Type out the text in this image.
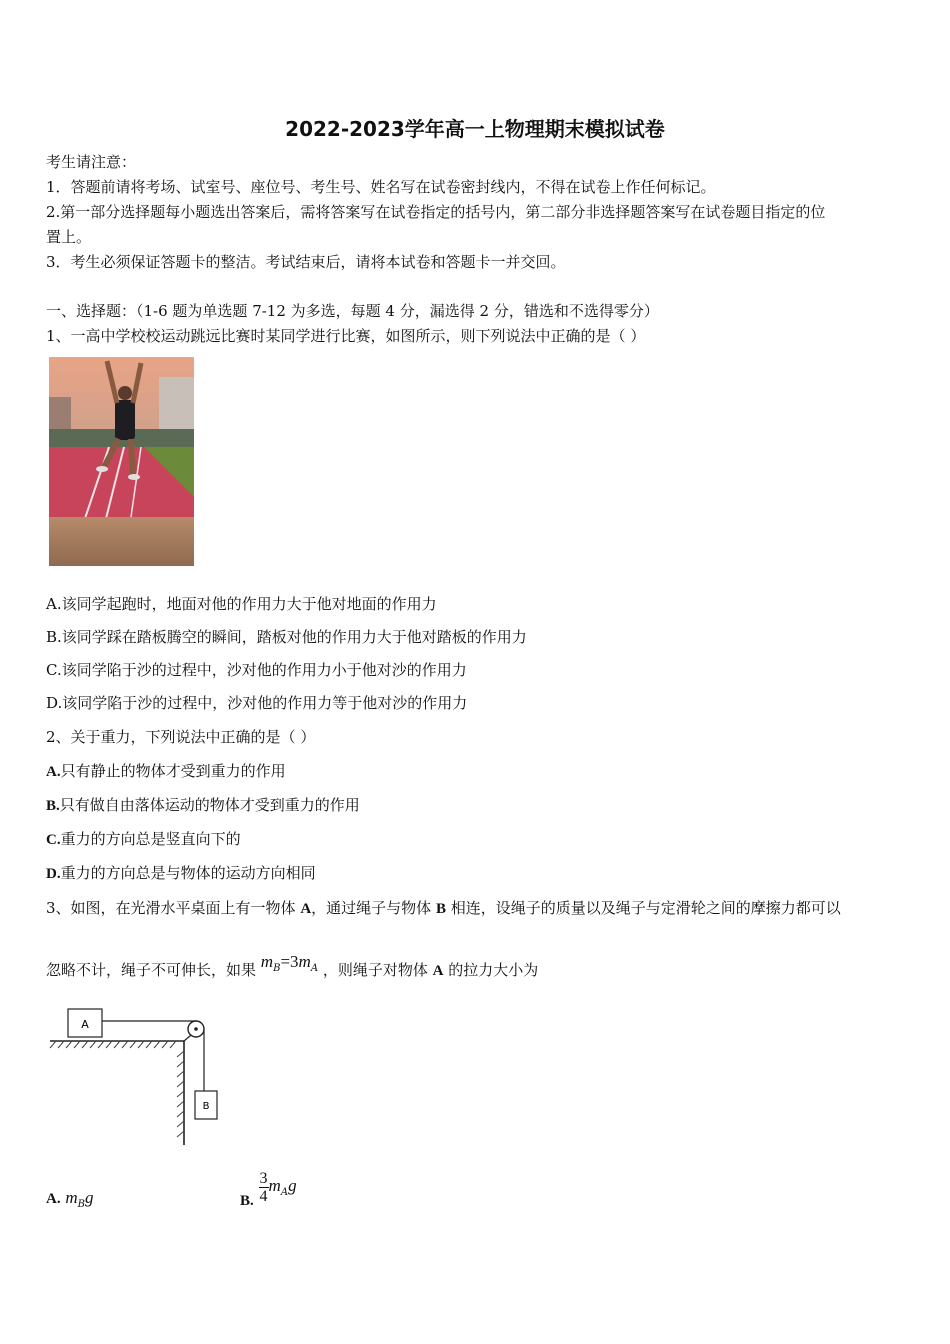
2022-2023学年高一上物理期末模拟试卷
考生请注意：
1．答题前请将考场、试室号、座位号、考生号、姓名写在试卷密封线内，不得在试卷上作任何标记。
2.第一部分选择题每小题选出答案后，需将答案写在试卷指定的括号内，第二部分非选择题答案写在试卷题目指定的位
置上。
3．考生必须保证答题卡的整洁。考试结束后，请将本试卷和答题卡一并交回。
一、选择题：（1-6 题为单选题 7-12 为多选，每题 4 分，漏选得 2 分，错选和不选得零分）
1、一高中学校校运动跳远比赛时某同学进行比赛，如图所示，则下列说法中正确的是（ ）
A.该同学起跑时，地面对他的作用力大于他对地面的作用力
B.该同学踩在踏板腾空的瞬间，踏板对他的作用力大于他对踏板的作用力
C.该同学陷于沙的过程中，沙对他的作用力小于他对沙的作用力
D.该同学陷于沙的过程中，沙对他的作用力等于他对沙的作用力
2、关于重力，下列说法中正确的是（ ）
A.只有静止的物体才受到重力的作用
B.只有做自由落体运动的物体才受到重力的作用
C.重力的方向总是竖直向下的
D.重力的方向总是与物体的运动方向相同
3、如图，在光滑水平桌面上有一物体 A，通过绳子与物体 B 相连，设绳子的质量以及绳子与定滑轮之间的摩擦力都可以
忽略不计，绳子不可伸长，如果 $m_B=3m_A$ ，则绳子对物体 A 的拉力大小为
A
B
A. $m_Bg$	B. $\frac{3}{4} m_Ag$
